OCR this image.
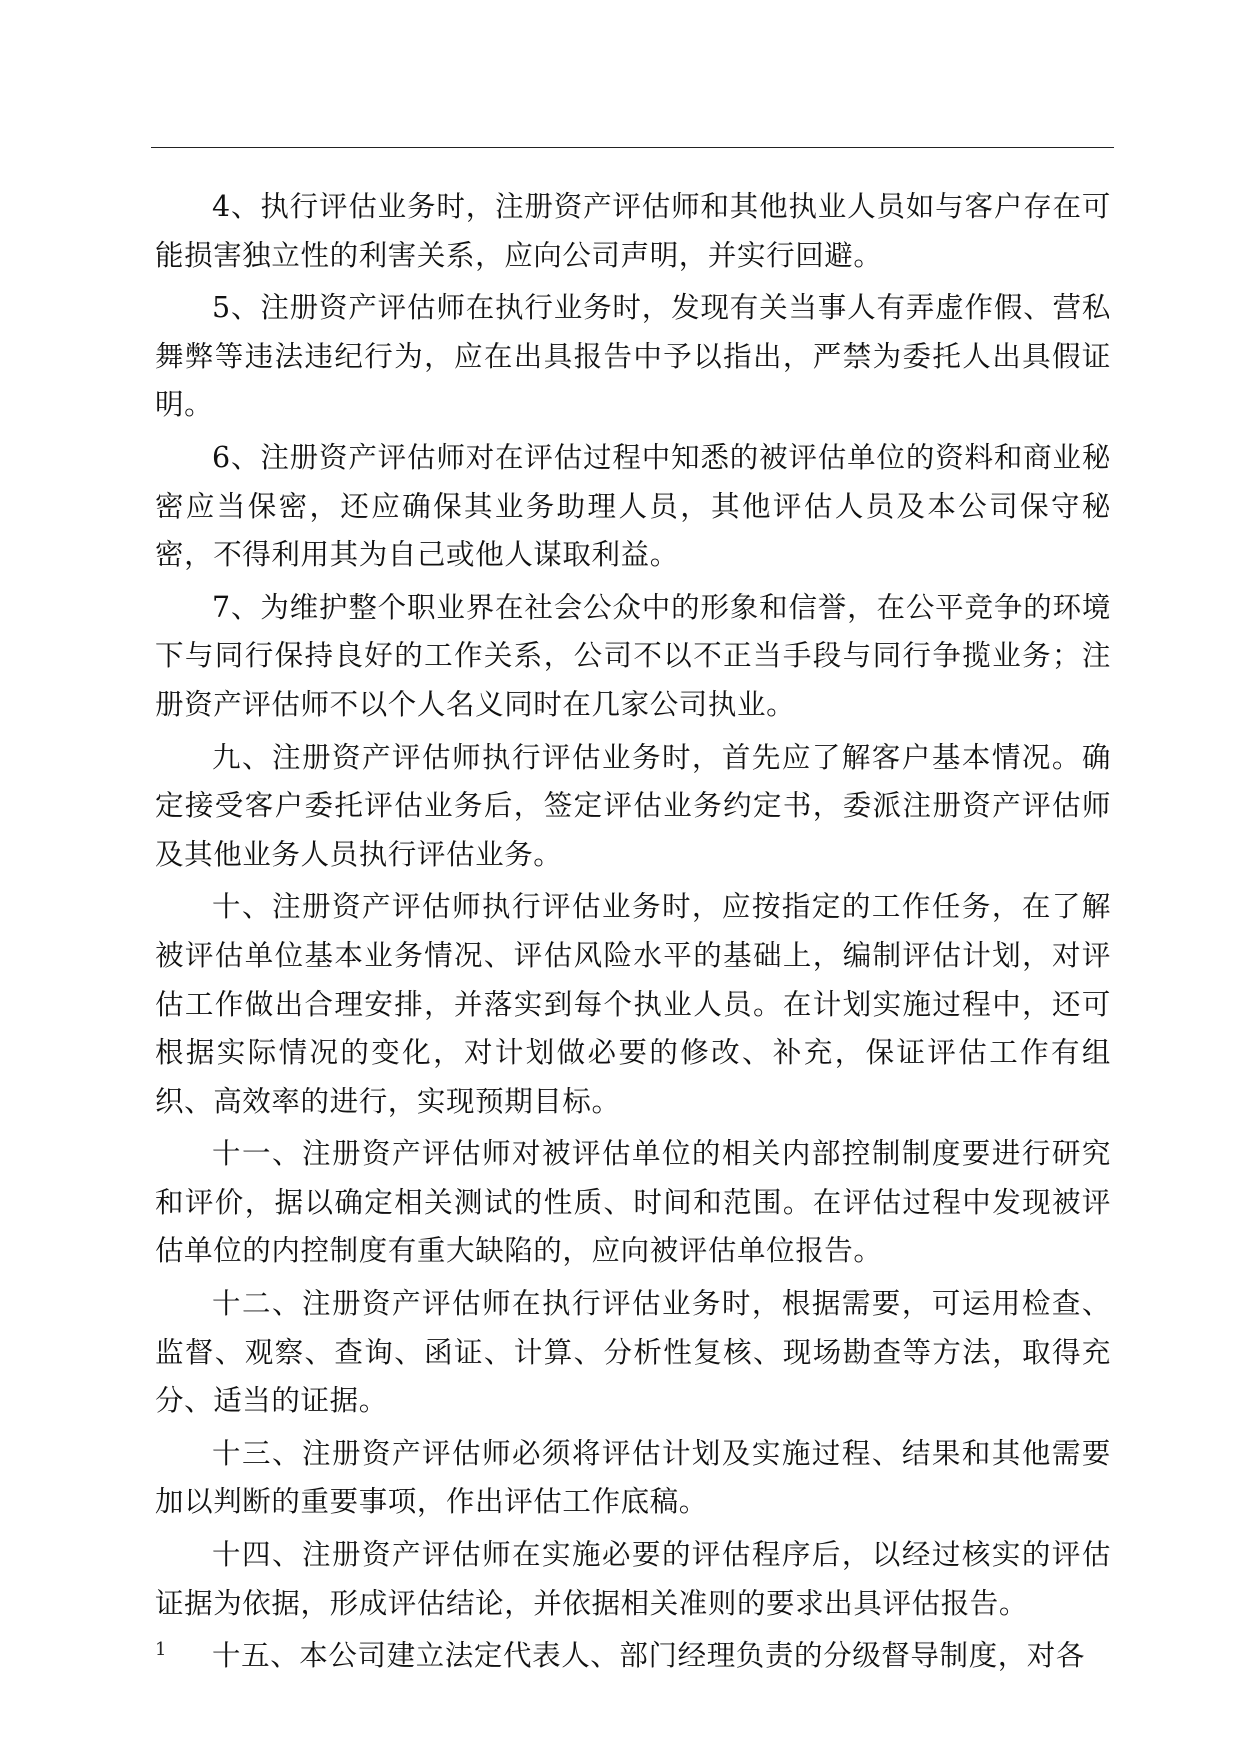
4、执行评估业务时，注册资产评估师和其他执业人员如与客户存在可能损害独立性的利害关系，应向公司声明，并实行回避。

5、注册资产评估师在执行业务时，发现有关当事人有弄虚作假、营私舞弊等违法违纪行为，应在出具报告中予以指出，严禁为委托人出具假证明。

6、注册资产评估师对在评估过程中知悉的被评估单位的资料和商业秘密应当保密，还应确保其业务助理人员，其他评估人员及本公司保守秘密，不得利用其为自己或他人谋取利益。

7、为维护整个职业界在社会公众中的形象和信誉，在公平竞争的环境下与同行保持良好的工作关系，公司不以不正当手段与同行争揽业务；注册资产评估师不以个人名义同时在几家公司执业。

九、注册资产评估师执行评估业务时，首先应了解客户基本情况。确定接受客户委托评估业务后，签定评估业务约定书，委派注册资产评估师及其他业务人员执行评估业务。

十、注册资产评估师执行评估业务时，应按指定的工作任务，在了解被评估单位基本业务情况、评估风险水平的基础上，编制评估计划，对评估工作做出合理安排，并落实到每个执业人员。在计划实施过程中，还可根据实际情况的变化，对计划做必要的修改、补充，保证评估工作有组织、高效率的进行，实现预期目标。

十一、注册资产评估师对被评估单位的相关内部控制制度要进行研究和评价，据以确定相关测试的性质、时间和范围。在评估过程中发现被评估单位的内控制度有重大缺陷的，应向被评估单位报告。

十二、注册资产评估师在执行评估业务时，根据需要，可运用检查、监督、观察、查询、函证、计算、分析性复核、现场勘查等方法，取得充分、适当的证据。

十三、注册资产评估师必须将评估计划及实施过程、结果和其他需要加以判断的重要事项，作出评估工作底稿。

十四、注册资产评估师在实施必要的评估程序后，以经过核实的评估证据为依据，形成评估结论，并依据相关准则的要求出具评估报告。

十五、本公司建立法定代表人、部门经理负责的分级督导制度，对各

1
